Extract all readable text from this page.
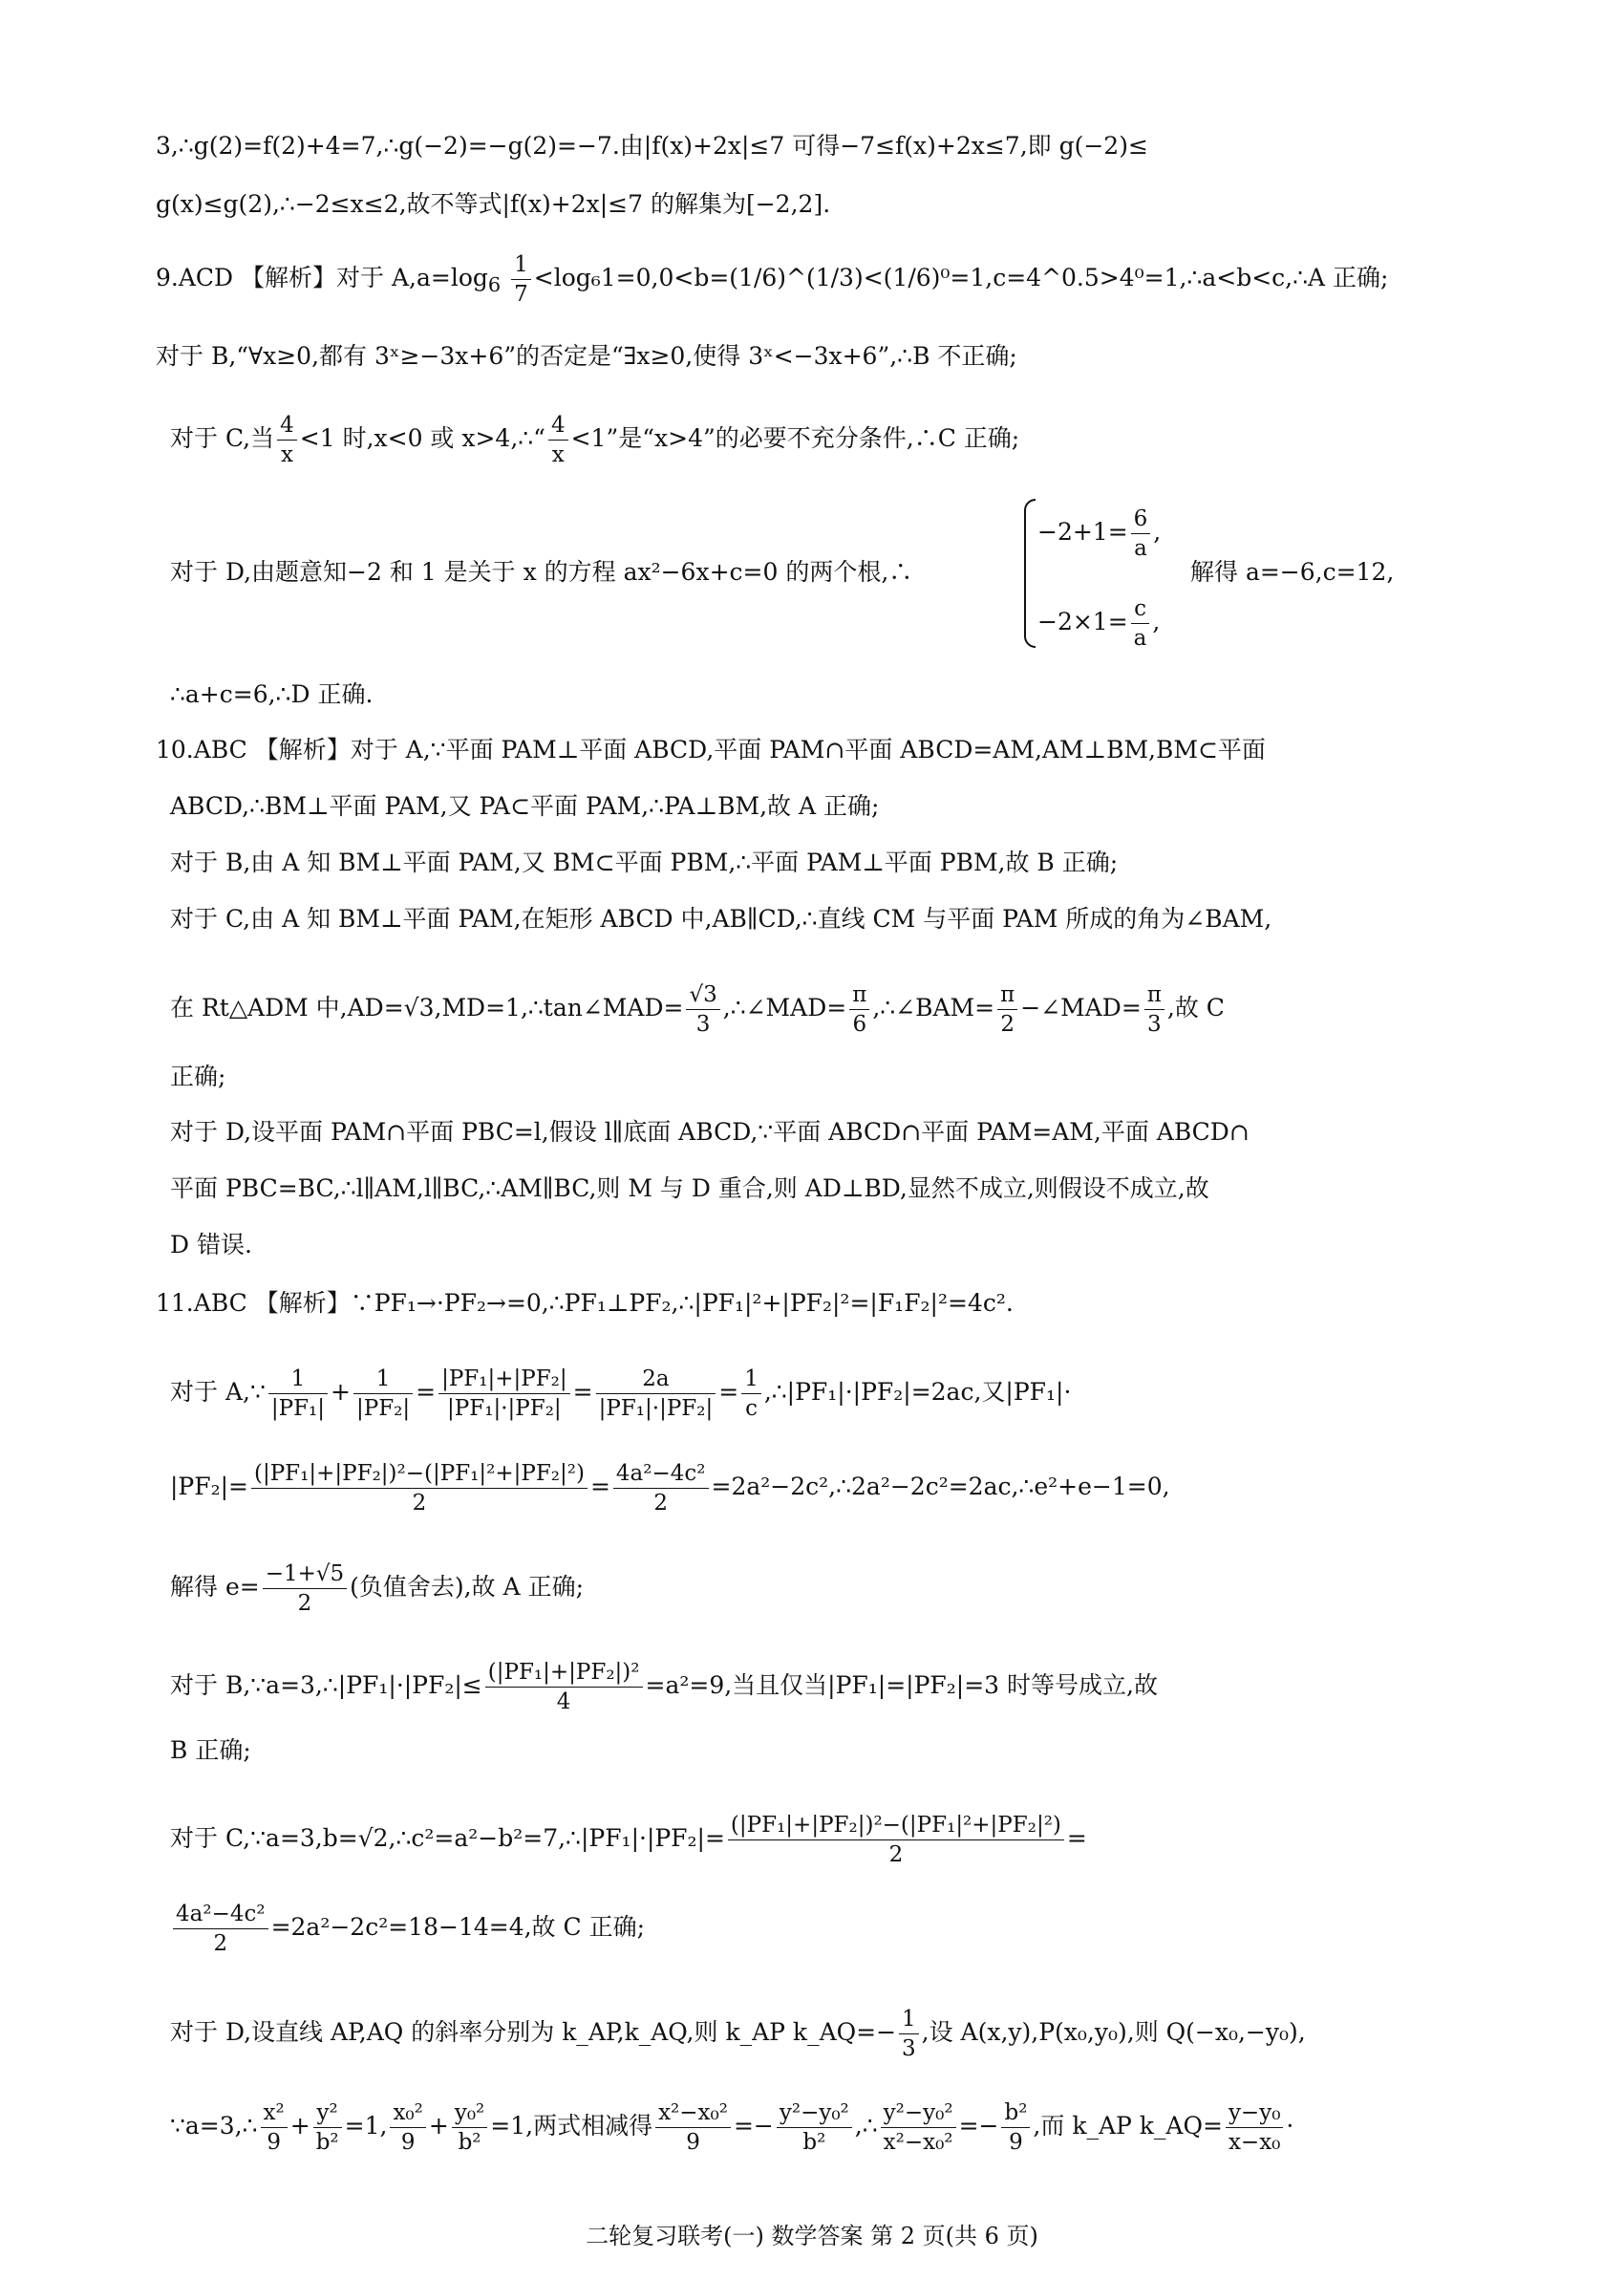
3,∴g(2)=f(2)+4=7,∴g(−2)=−g(2)=−7.由|f(x)+2x|≤7 可得−7≤f(x)+2x≤7,即 g(−2)≤
g(x)≤g(2),∴−2≤x≤2,故不等式|f(x)+2x|≤7 的解集为[−2,2].
9.ACD 【解析】对于 $A,a=\log_6 \frac{1}{7}$ <log₆1=0,0<b=(1/6)^(1/3)<(1/6)⁰=1,c=4^0.5>4⁰=1,∴a<b<c,∴A 正确;
对于 B,“∀x≥0,都有 3ˣ≥−3x+6”的否定是“∃x≥0,使得 3ˣ<−3x+6”,∴B 不正确;
对于 C,当 $\frac{4}{x} <1$ 时,x<0 或 x>4,∴“ $\frac{4}{x} <1$”是“x>4”的必要不充分条件,∴C 正确;
对于 D,由题意知−2 和 1 是关于 x 的方程 ax²−6x+c=0 的两个根,∴
$-2+1= \frac{6}{a}$ ,
$-2\times 1= \frac{c}{a}$ ,
解得 a=−6,c=12,
∴a+c=6,∴D 正确.
10.ABC 【解析】对于 A,∵平面 PAM⊥平面 ABCD,平面 PAM∩平面 ABCD=AM,AM⊥BM,BM⊂平面
ABCD,∴BM⊥平面 PAM,又 PA⊂平面 PAM,∴PA⊥BM,故 A 正确;
对于 B,由 A 知 BM⊥平面 PAM,又 BM⊂平面 PBM,∴平面 PAM⊥平面 PBM,故 B 正确;
对于 C,由 A 知 BM⊥平面 PAM,在矩形 ABCD 中,AB∥CD,∴直线 CM 与平面 PAM 所成的角为∠BAM,
在 Rt△ADM 中,AD=√3,MD=1,∴tan∠MAD= $\frac{√3}{3}$ ,∴∠MAD= $\frac{\pi}{6}$ ,∴∠BAM= $\frac{\pi}{2}$ −∠MAD= $\frac{\pi}{3}$ ,故 C
正确;
对于 D,设平面 PAM∩平面 PBC=l,假设 l∥底面 ABCD,∵平面 ABCD∩平面 PAM=AM,平面 ABCD∩
平面 PBC=BC,∴l∥AM,l∥BC,∴AM∥BC,则 M 与 D 重合,则 AD⊥BD,显然不成立,则假设不成立,故
D 错误.
11.ABC 【解析】∵PF₁→·PF₂→=0,∴PF₁⊥PF₂,∴|PF₁|²+|PF₂|²=|F₁F₂|²=4c².
对于 A,∵ $\frac{1}{\text{|PF₁|}} + \frac{1}{\text{|PF₂|}} = \frac{\text{|PF₁|+|PF₂|}}{\text{|PF₁|·|PF₂|}} = \frac{2a}{\text{|PF₁|·|PF₂|}} = \frac{1}{c}$ ,∴|PF₁|·|PF₂|=2ac,又|PF₁|·
$|PF_2|= \frac{\text{(|PF₁|+|PF₂|)²−(|PF₁|²+|PF₂|²)}}{2} = \frac{\text{4a²−4c²}}{2}$ =2a²−2c²,∴2a²−2c²=2ac,∴e²+e−1=0,
解得 $e= \frac{-1+√5}{2}$ (负值舍去),故 A 正确;
对于 B,∵a=3,∴|PF₁|·|PF₂|≤ $\frac{\text{(|PF₁|+|PF₂|)²}}{4} =a^2=9$,当且仅当|PF₁|=|PF₂|=3 时等号成立,故
B 正确;
对于 C,∵a=3,b=√2,∴c²=a²−b²=7,∴|PF₁|·|PF₂|= $\frac{\text{(|PF₁|+|PF₂|)²−(|PF₁|²+|PF₂|²)}}{2}$ =
$\frac{\text{4a²−4c²}}{2} =2a^2-2c^2=18-14=4$,故 C 正确;
对于 D,设直线 AP,AQ 的斜率分别为 k_AP,k_AQ,则 k_AP k_AQ=− $\frac{1}{3}$ ,设 A(x,y),P(x₀,y₀),则 Q(−x₀,−y₀),
∵a=3,∴ $\frac{\text{x²}}{9} + \frac{\text{y²}}{\text{b²}} =1$, $\frac{\text{x₀²}}{9} + \frac{\text{y₀²}}{\text{b²}} =1$,两式相减得 $\frac{\text{x²−x₀²}}{9} =- \frac{\text{y²−y₀²}}{\text{b²}}$ ,∴ $\frac{\text{y²−y₀²}}{\text{x²−x₀²}} =- \frac{\text{b²}}{9}$ ,而 k_AP k_AQ= $\frac{\text{y−y₀}}{\text{x−x₀}}$ ·
二轮复习联考(一) 数学答案 第 2 页(共 6 页)
